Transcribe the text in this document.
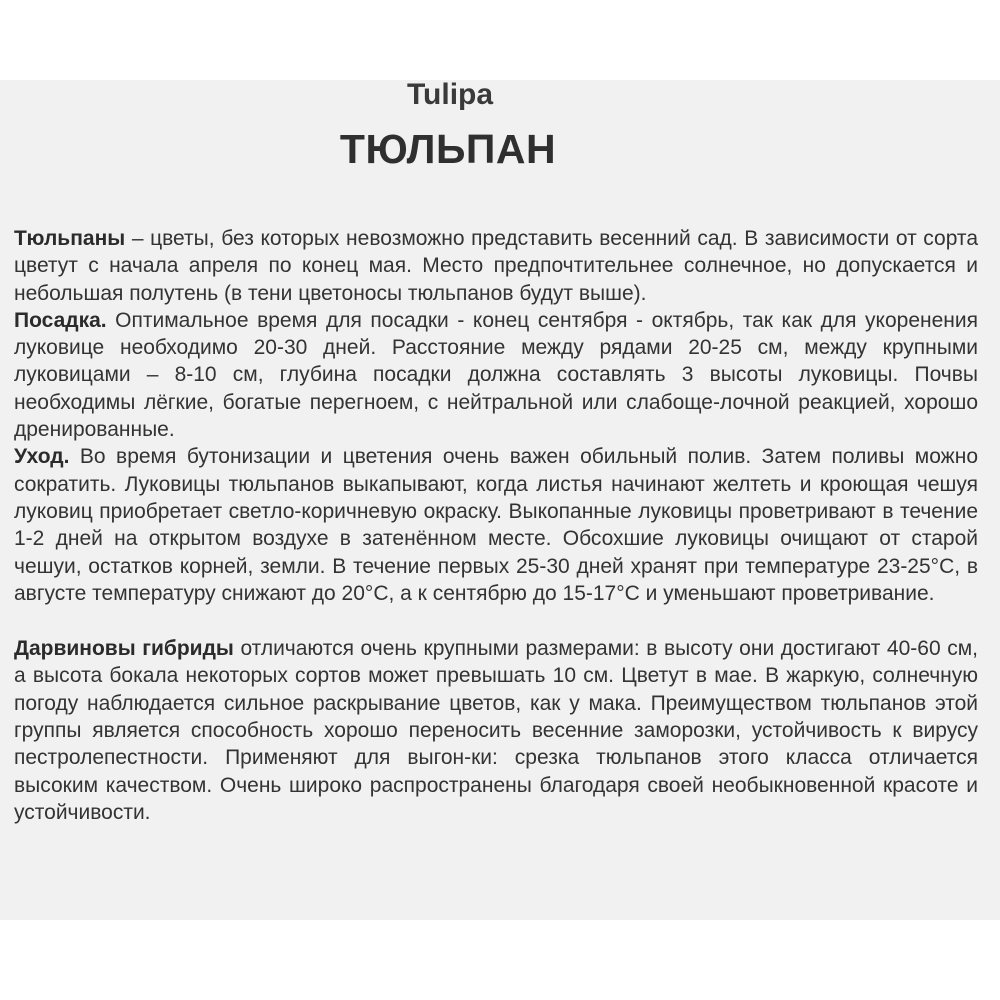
Tulipa
ТЮЛЬПАН

Тюльпаны – цветы, без которых невозможно представить весенний сад. В зависимости от сорта цветут с начала апреля по конец мая. Место предпочтительнее солнечное, но допускается и небольшая полутень (в тени цветоносы тюльпанов будут выше).

Посадка. Оптимальное время для посадки - конец сентября - октябрь, так как для укоренения луковице необходимо 20-30 дней. Расстояние между рядами 20-25 см, между крупными луковицами – 8-10 см, глубина посадки должна составлять 3 высоты луковицы. Почвы необходимы лёгкие, богатые перегноем, с нейтральной или слабоще-лочной реакцией, хорошо дренированные.

Уход. Во время бутонизации и цветения очень важен обильный полив. Затем поливы можно сократить. Луковицы тюльпанов выкапывают, когда листья начинают желтеть и кроющая чешуя луковиц приобретает светло-коричневую окраску. Выкопанные луковицы проветривают в течение 1-2 дней на открытом воздухе в затенённом месте. Обсохшие луковицы очищают от старой чешуи, остатков корней, земли. В течение первых 25-30 дней хранят при температуре 23-25°С, в августе температуру снижают до 20°С, а к сентябрю до 15-17°С и уменьшают проветривание.

Дарвиновы гибриды отличаются очень крупными размерами: в высоту они достигают 40-60 см, а высота бокала некоторых сортов может превышать 10 см. Цветут в мае. В жаркую, солнечную погоду наблюдается сильное раскрывание цветов, как у мака. Преимуществом тюльпанов этой группы является способность хорошо переносить весенние заморозки, устойчивость к вирусу пестролепестности. Применяют для выгон-ки: срезка тюльпанов этого класса отличается высоким качеством. Очень широко распространены благодаря своей необыкновенной красоте и устойчивости.
